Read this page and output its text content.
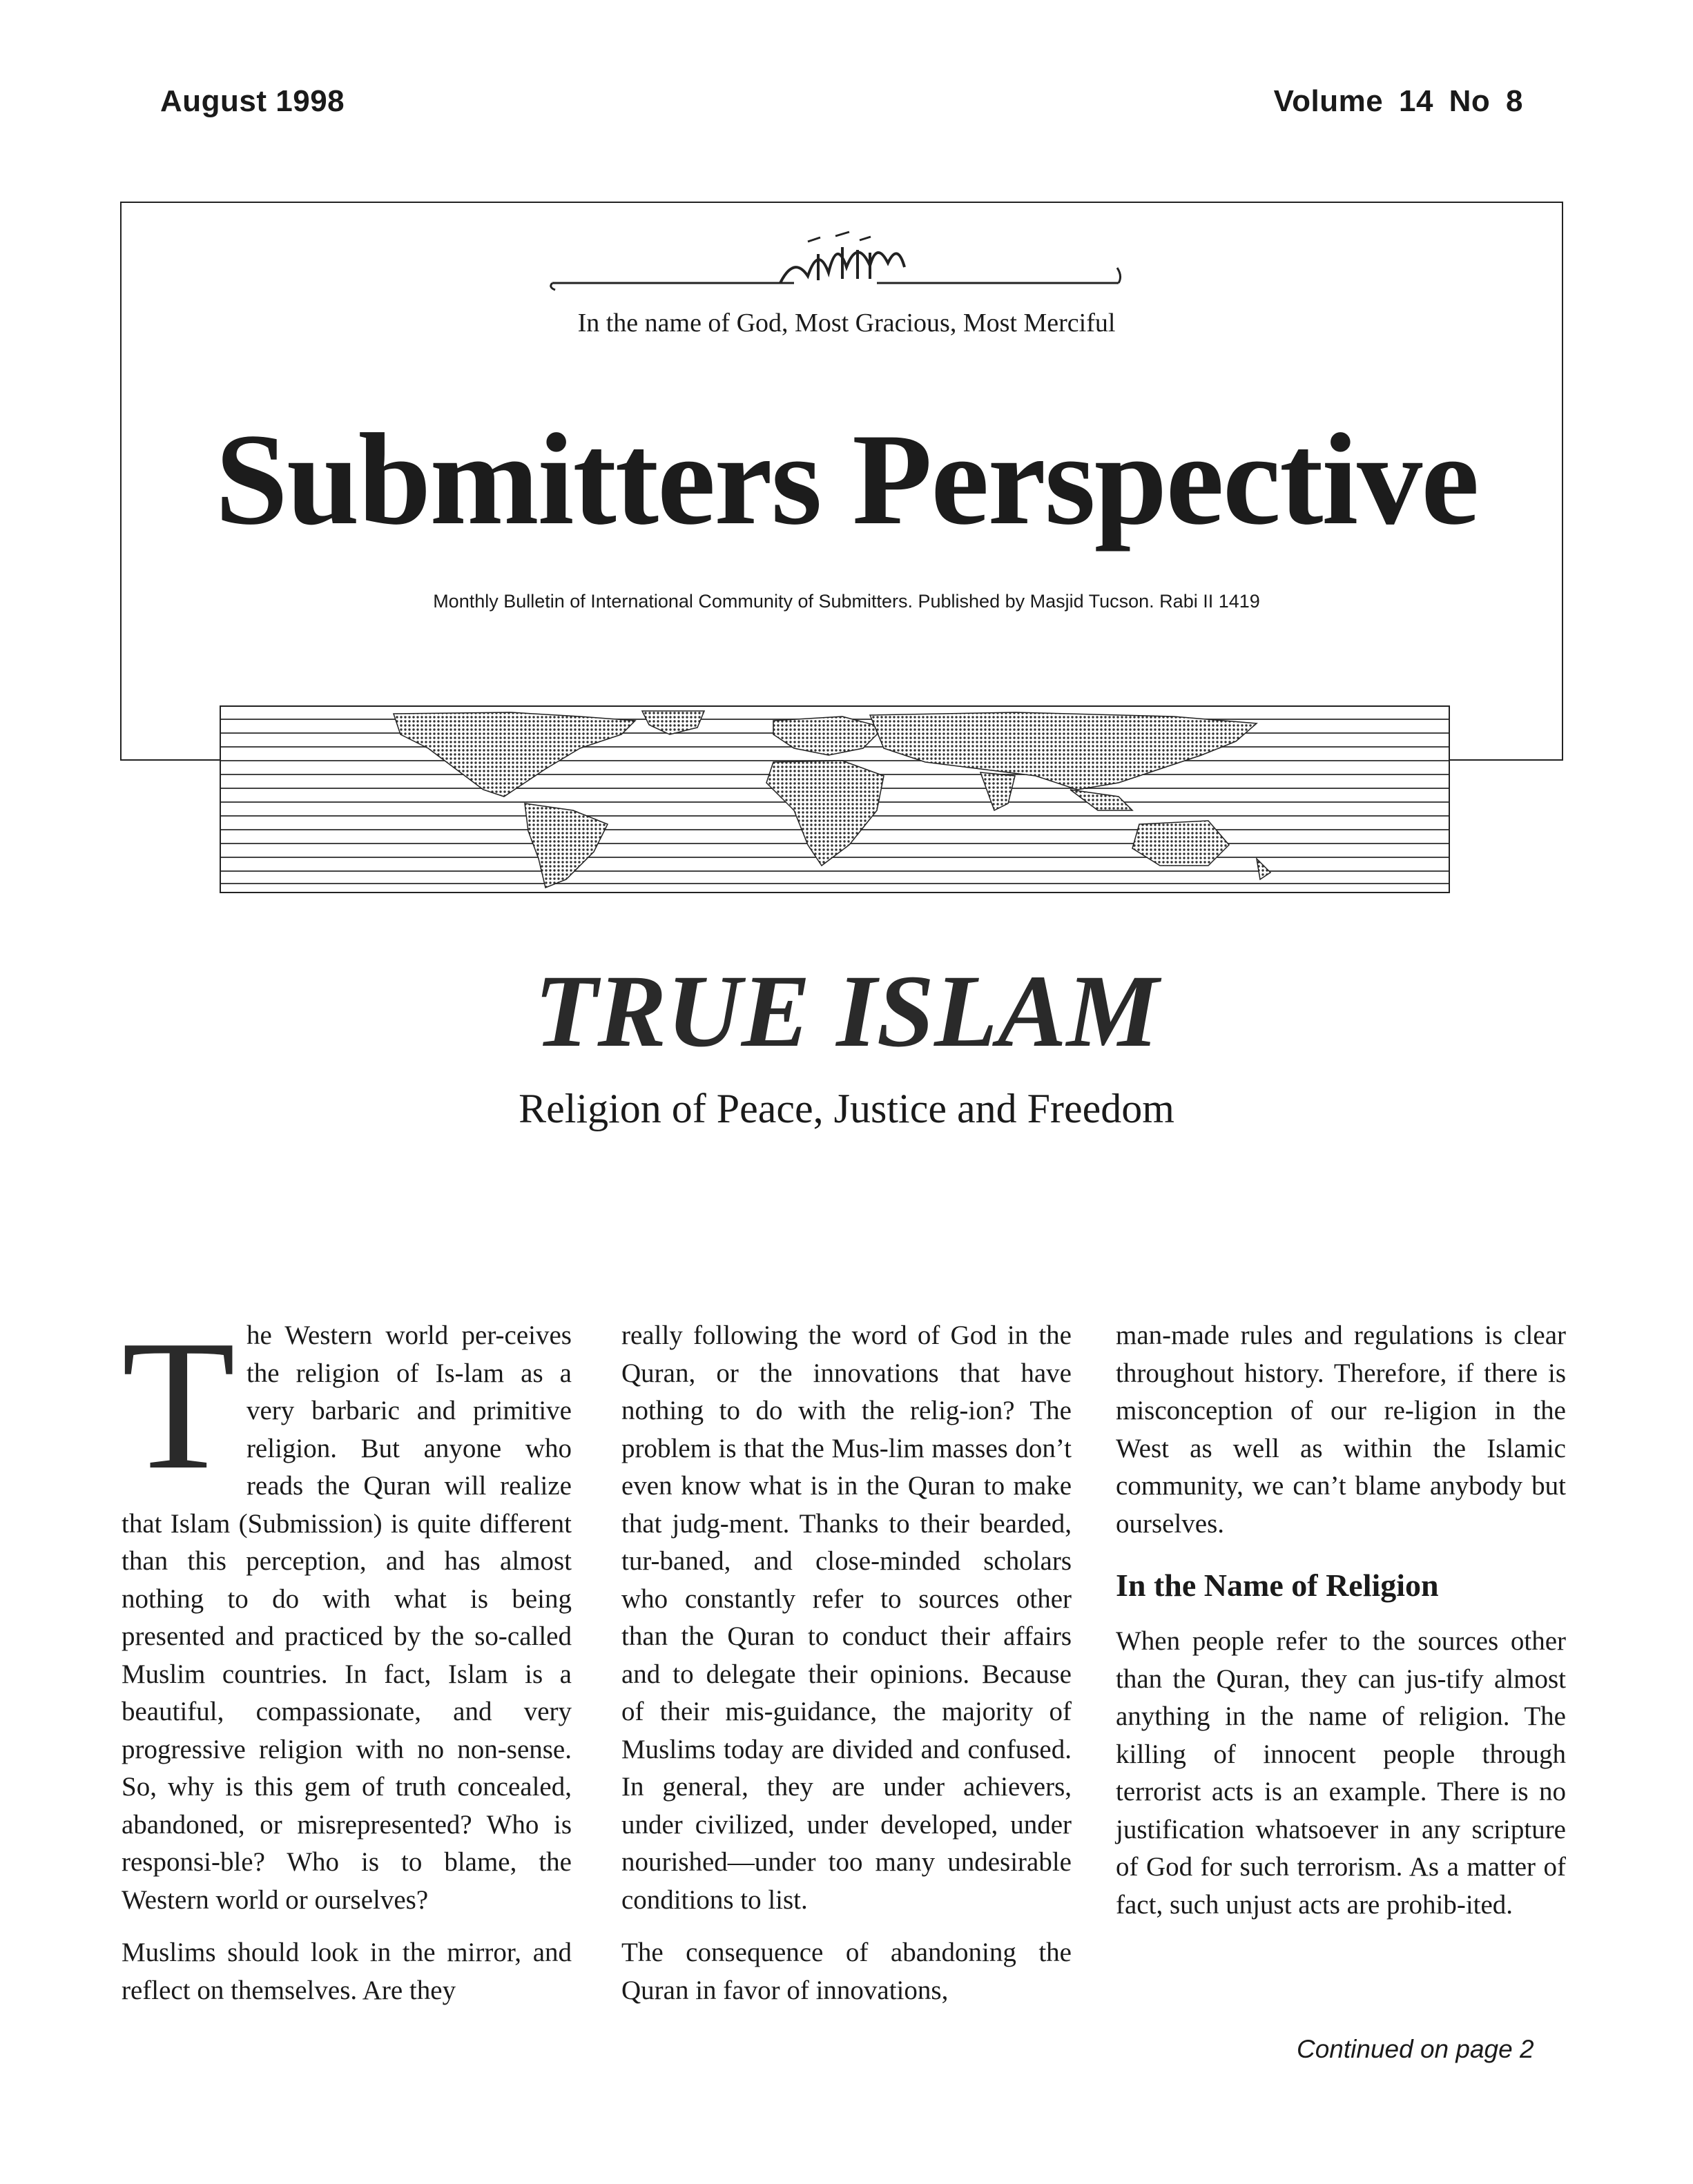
August 1998	Volume 14 No 8
In the name of God, Most Gracious, Most Merciful
Submitters Perspective
Monthly Bulletin of International Community of Submitters. Published by Masjid Tucson. Rabi II 1419
TRUE ISLAM
Religion of Peace, Justice and Freedom

The Western world per-ceives the religion of Is-lam as a very barbaric and primitive religion. But anyone who reads the Quran will realize that Islam (Submission) is quite different than this perception, and has almost nothing to do with what is being presented and practiced by the so-called Muslim countries. In fact, Islam is a beautiful, compassionate, and very progressive religion with no non-sense. So, why is this gem of truth concealed, abandoned, or misrepresented? Who is responsi-ble? Who is to blame, the Western world or ourselves?

Muslims should look in the mirror, and reflect on themselves. Are they

really following the word of God in the Quran, or the innovations that have nothing to do with the relig-ion? The problem is that the Mus-lim masses don’t even know what is in the Quran to make that judg-ment. Thanks to their bearded, tur-baned, and close-minded scholars who constantly refer to sources other than the Quran to conduct their affairs and to delegate their opinions. Because of their mis-guidance, the majority of Muslims today are divided and confused. In general, they are under achievers, under civilized, under developed, under nourished—under too many undesirable conditions to list.

The consequence of abandoning the Quran in favor of innovations,

man-made rules and regulations is clear throughout history. Therefore, if there is misconception of our re-ligion in the West as well as within the Islamic community, we can’t blame anybody but ourselves.

In the Name of Religion

When people refer to the sources other than the Quran, they can jus-tify almost anything in the name of religion. The killing of innocent people through terrorist acts is an example. There is no justification whatsoever in any scripture of God for such terrorism. As a matter of fact, such unjust acts are prohib-ited.

Continued on page 2
